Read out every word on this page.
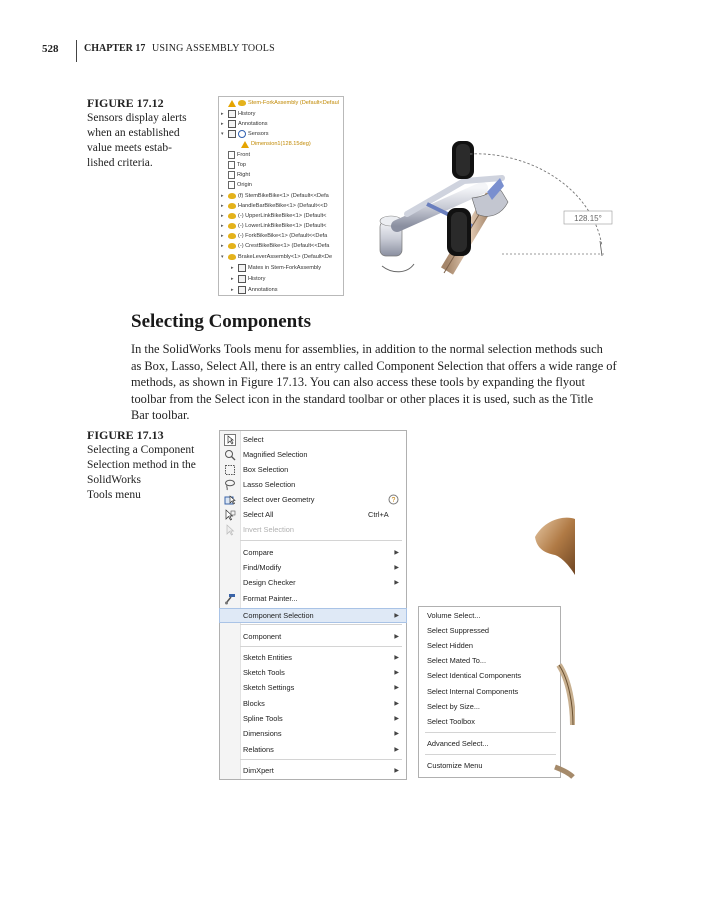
528	CHAPTER 17 USING ASSEMBLY TOOLS
FIGURE 17.12
Sensors display alerts
when an established
value meets estab-
lished criteria.
Stem-ForkAssembly (Default<Defaul
▸	History
▸	Annotations
▾	Sensors
Dimension1(128.15deg)
Front
Top
Right
Origin
▸	(f) StemBikeBike<1> (Default<<Defa
▸	HandleBarBikeBike<1> (Default<<D
▸	(-) UpperLinkBikeBike<1> (Default<
▸	(-) LowerLinkBikeBike<1> (Default<
▸	(-) ForkBikeBike<1> (Default<<Defa
▸	(-) CrestBikeBike<1> (Default<<Defa
▾	BrakeLeverAssembly<1> (Default<De
▸	Mates in Stem-ForkAssembly
▸	History
▸	Annotations
128.15°
Selecting Components

In the SolidWorks Tools menu for assemblies, in addition to the normal selection methods such
as Box, Lasso, Select All, there is an entry called Component Selection that offers a wide range of
methods, as shown in Figure 17.13. You can also access these tools by expanding the flyout
toolbar from the Select icon in the standard toolbar or other places it is used, such as the Title
Bar toolbar.

FIGURE 17.13
Selecting a Component
Selection method in the
SolidWorks
Tools menu
Select
Magnified Selection
Box Selection
Lasso Selection
Select over Geometry	?
Select All	Ctrl+A
Invert Selection
Compare	▶
Find/Modify	▶
Design Checker	▶
Format Painter...
Component Selection	▶
Component	▶
Sketch Entities	▶
Sketch Tools	▶
Sketch Settings	▶
Blocks	▶
Spline Tools	▶
Dimensions	▶
Relations	▶
DimXpert	▶
Volume Select...
Select Suppressed
Select Hidden
Select Mated To...
Select Identical Components
Select Internal Components
Select by Size...
Select Toolbox
Advanced Select...
Customize Menu
